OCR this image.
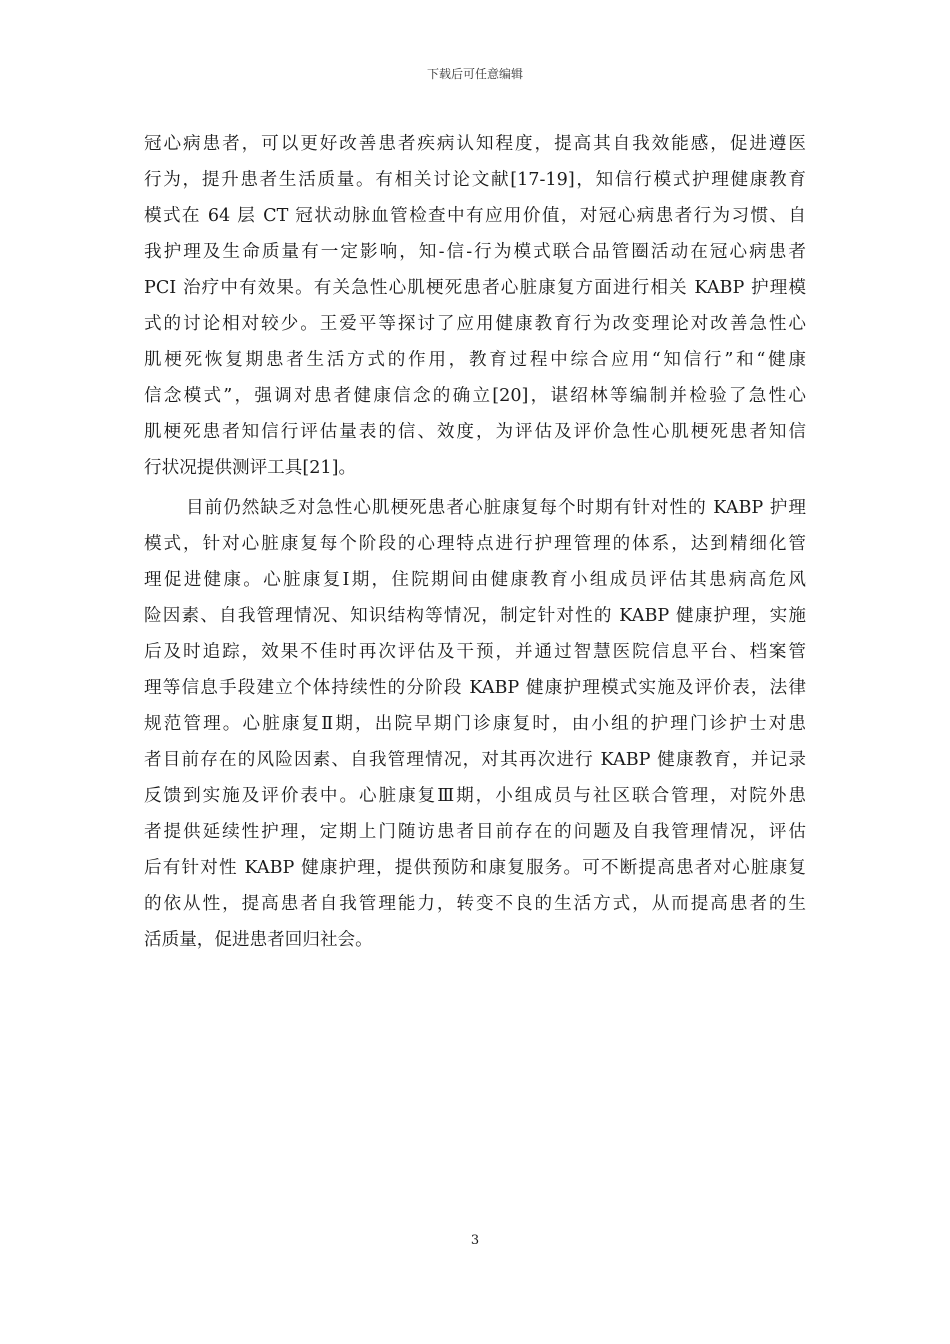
下载后可任意编辑
冠心病患者，可以更好改善患者疾病认知程度，提高其自我效能感，促进遵医
行为，提升患者生活质量。有相关讨论文献[17-19]，知信行模式护理健康教育
模式在 64 层 CT 冠状动脉血管检查中有应用价值，对冠心病患者行为习惯、自
我护理及生命质量有一定影响，知-信-行为模式联合品管圈活动在冠心病患者
PCI 治疗中有效果。有关急性心肌梗死患者心脏康复方面进行相关 KABP 护理模
式的讨论相对较少。王爱平等探讨了应用健康教育行为改变理论对改善急性心
肌梗死恢复期患者生活方式的作用，教育过程中综合应用“知信行”和“健康
信念模式”，强调对患者健康信念的确立[20]，谌绍林等编制并检验了急性心
肌梗死患者知信行评估量表的信、效度，为评估及评价急性心肌梗死患者知信
行状况提供测评工具[21]。
目前仍然缺乏对急性心肌梗死患者心脏康复每个时期有针对性的 KABP 护理
模式，针对心脏康复每个阶段的心理特点进行护理管理的体系，达到精细化管
理促进健康。心脏康复Ⅰ期，住院期间由健康教育小组成员评估其患病高危风
险因素、自我管理情况、知识结构等情况，制定针对性的 KABP 健康护理，实施
后及时追踪，效果不佳时再次评估及干预，并通过智慧医院信息平台、档案管
理等信息手段建立个体持续性的分阶段 KABP 健康护理模式实施及评价表，法律
规范管理。心脏康复Ⅱ期，出院早期门诊康复时，由小组的护理门诊护士对患
者目前存在的风险因素、自我管理情况，对其再次进行 KABP 健康教育，并记录
反馈到实施及评价表中。心脏康复Ⅲ期，小组成员与社区联合管理，对院外患
者提供延续性护理，定期上门随访患者目前存在的问题及自我管理情况，评估
后有针对性 KABP 健康护理，提供预防和康复服务。可不断提高患者对心脏康复
的依从性，提高患者自我管理能力，转变不良的生活方式，从而提高患者的生
活质量，促进患者回归社会。
3
